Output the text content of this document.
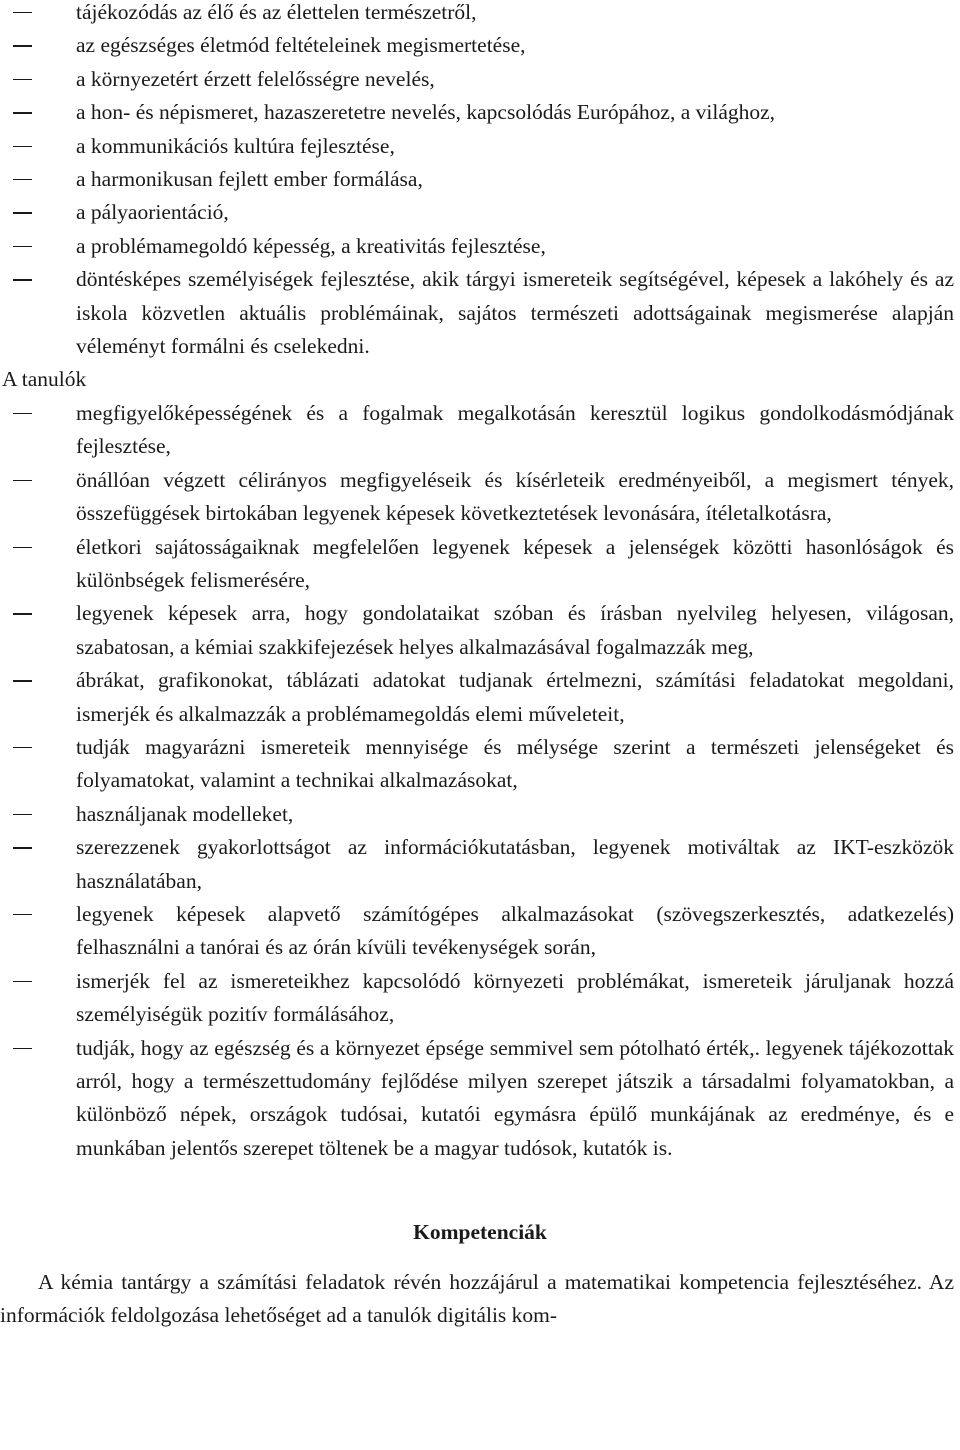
tájékozódás az élő és az élettelen természetről,
az egészséges életmód feltételeinek megismertetése,
a környezetért érzett felelősségre nevelés,
a hon- és népismeret, hazaszeretetre nevelés, kapcsolódás Európához, a világhoz,
a kommunikációs kultúra fejlesztése,
a harmonikusan fejlett ember formálása,
a pályaorientáció,
a problémamegoldó képesség, a kreativitás fejlesztése,
döntésképes személyiségek fejlesztése, akik tárgyi ismereteik segítségével, képesek a lakóhely és az iskola közvetlen aktuális problémáinak, sajátos természeti adottságainak megismerése alapján véleményt formálni és cselekedni.

A tanulók

megfigyelőképességének és a fogalmak megalkotásán keresztül logikus gondolkodásmódjának fejlesztése,
önállóan végzett célirányos megfigyeléseik és kísérleteik eredményeiből, a megismert tények, összefüggések birtokában legyenek képesek következtetések levonására, ítéletalkotásra,
életkori sajátosságaiknak megfelelően legyenek képesek a jelenségek közötti hasonlóságok és különbségek felismerésére,
legyenek képesek arra, hogy gondolataikat szóban és írásban nyelvileg helyesen, világosan, szabatosan, a kémiai szakkifejezések helyes alkalmazásával fogalmazzák meg,
ábrákat, grafikonokat, táblázati adatokat tudjanak értelmezni, számítási feladatokat megoldani, ismerjék és alkalmazzák a problémamegoldás elemi műveleteit,
tudják magyarázni ismereteik mennyisége és mélysége szerint a természeti jelenségeket és folyamatokat, valamint a technikai alkalmazásokat,
használjanak modelleket,
szerezzenek gyakorlottságot az információkutatásban, legyenek motiváltak az IKT-eszközök használatában,
legyenek képesek alapvető számítógépes alkalmazásokat (szövegszerkesztés, adatkezelés) felhasználni a tanórai és az órán kívüli tevékenységek során,
ismerjék fel az ismereteikhez kapcsolódó környezeti problémákat, ismereteik járuljanak hozzá személyiségük pozitív formálásához,
tudják, hogy az egészség és a környezet épsége semmivel sem pótolható érték,. legyenek tájékozottak arról, hogy a természettudomány fejlődése milyen szerepet játszik a társadalmi folyamatokban, a különböző népek, országok tudósai, kutatói egymásra épülő munkájának az eredménye, és e munkában jelentős szerepet töltenek be a magyar tudósok, kutatók is.
Kompetenciák

A kémia tantárgy a számítási feladatok révén hozzájárul a matematikai kompetencia fejlesztéséhez. Az információk feldolgozása lehetőséget ad a tanulók digitális kom-
